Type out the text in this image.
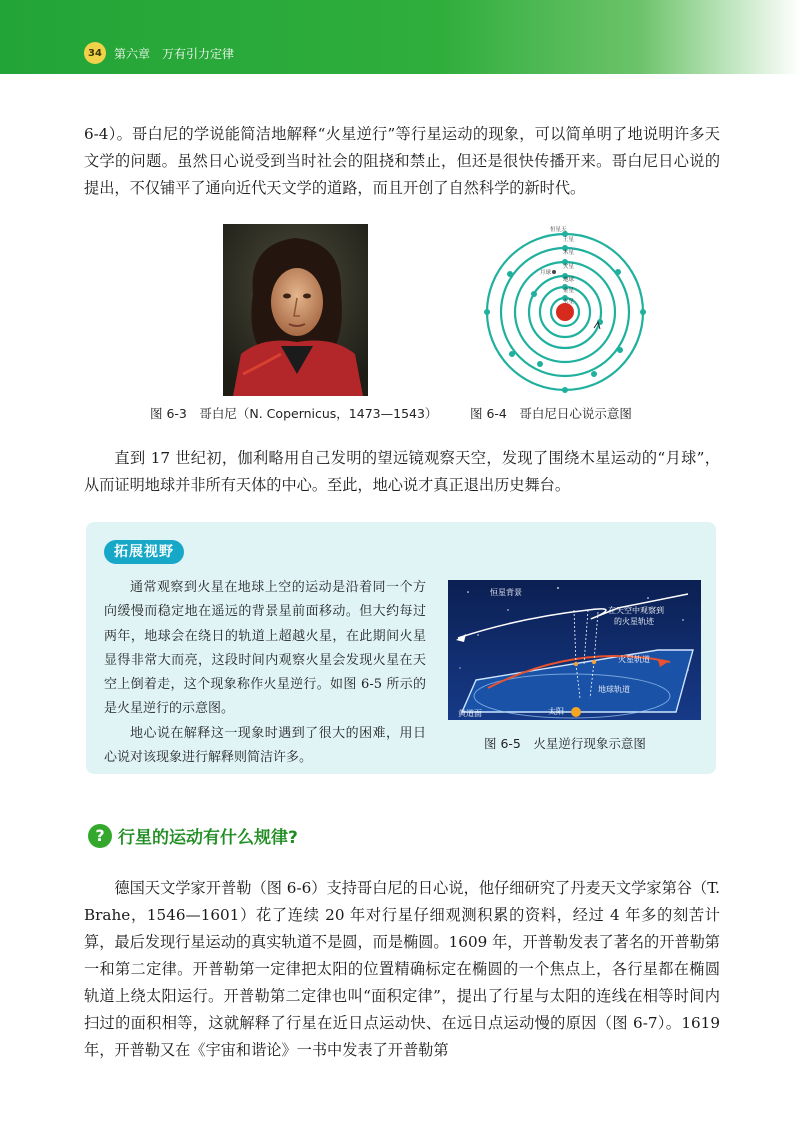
34	第六章　万有引力定律

6-4）。哥白尼的学说能简洁地解释“火星逆行”等行星运动的现象，可以简单明了地说明许多天文学的问题。虽然日心说受到当时社会的阻挠和禁止，但还是很快传播开来。哥白尼日心说的提出，不仅铺平了通向近代天文学的道路，而且开创了自然科学的新时代。

恒星天
土星
木星
火星
月球
地球
金星
水星
图 6-3　哥白尼（N. Copernicus，1473—1543）	图 6-4　哥白尼日心说示意图

直到 17 世纪初，伽利略用自己发明的望远镜观察天空，发现了围绕木星运动的“月球”，从而证明地球并非所有天体的中心。至此，地心说才真正退出历史舞台。

拓展视野
通常观察到火星在地球上空的运动是沿着同一个方向缓慢而稳定地在遥远的背景星前面移动。但大约每过两年，地球会在绕日的轨道上超越火星，在此期间火星显得非常大而亮，这段时间内观察火星会发现火星在天空上倒着走，这个现象称作火星逆行。如图 6-5 所示的是火星逆行的示意图。
地心说在解释这一现象时遇到了很大的困难，用日心说对该现象进行解释则简洁许多。
恒星背景
在天空中观察到
的火星轨迹
火星轨道
地球轨道
黄道面	太阳
图 6-5　火星逆行现象示意图
? 行星的运动有什么规律?

德国天文学家开普勒（图 6-6）支持哥白尼的日心说，他仔细研究了丹麦天文学家第谷（T. Brahe，1546—1601）花了连续 20 年对行星仔细观测积累的资料，经过 4 年多的刻苦计算，最后发现行星运动的真实轨道不是圆，而是椭圆。1609 年，开普勒发表了著名的开普勒第一和第二定律。开普勒第一定律把太阳的位置精确标定在椭圆的一个焦点上，各行星都在椭圆轨道上绕太阳运行。开普勒第二定律也叫“面积定律”，提出了行星与太阳的连线在相等时间内扫过的面积相等，这就解释了行星在近日点运动快、在远日点运动慢的原因（图 6-7）。1619 年，开普勒又在《宇宙和谐论》一书中发表了开普勒第
